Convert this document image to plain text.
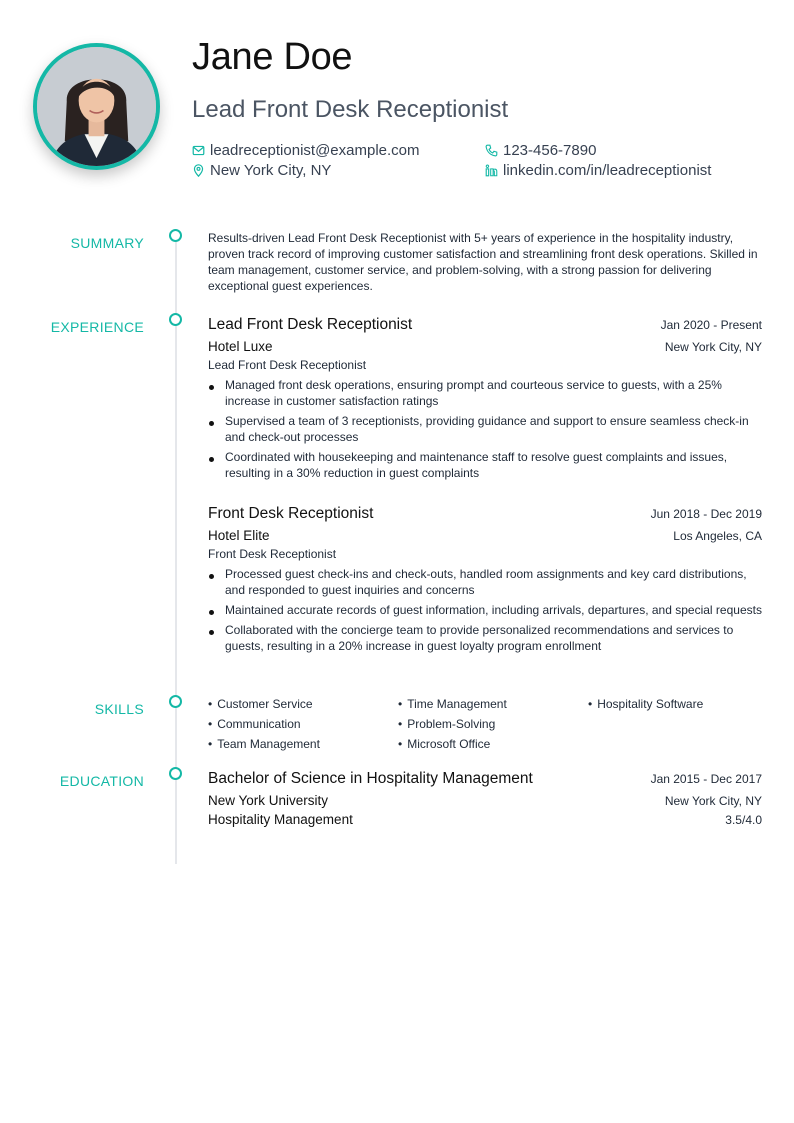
Jane Doe
Lead Front Desk Receptionist
leadreceptionist@example.com	123-456-7890
New York City, NY	linkedin.com/in/leadreceptionist
SUMMARY
EXPERIENCE
SKILLS
EDUCATION
Results-driven Lead Front Desk Receptionist with 5+ years of experience in the hospitality industry, proven track record of improving customer satisfaction and streamlining front desk operations. Skilled in team management, customer service, and problem-solving, with a strong passion for delivering exceptional guest experiences.
Lead Front Desk Receptionist	Jan 2020 - Present
Hotel Luxe	New York City, NY
Lead Front Desk Receptionist
Managed front desk operations, ensuring prompt and courteous service to guests, with a 25% increase in customer satisfaction ratings
Supervised a team of 3 receptionists, providing guidance and support to ensure seamless check-in and check-out processes
Coordinated with housekeeping and maintenance staff to resolve guest complaints and issues, resulting in a 30% reduction in guest complaints
Front Desk Receptionist	Jun 2018 - Dec 2019
Hotel Elite	Los Angeles, CA
Front Desk Receptionist
Processed guest check-ins and check-outs, handled room assignments and key card distributions, and responded to guest inquiries and concerns
Maintained accurate records of guest information, including arrivals, departures, and special requests
Collaborated with the concierge team to provide personalized recommendations and services to guests, resulting in a 20% increase in guest loyalty program enrollment
• Customer Service	• Time Management	• Hospitality Software
• Communication	• Problem-Solving
• Team Management	• Microsoft Office
Bachelor of Science in Hospitality Management	Jan 2015 - Dec 2017
New York University	New York City, NY
Hospitality Management	3.5/4.0
